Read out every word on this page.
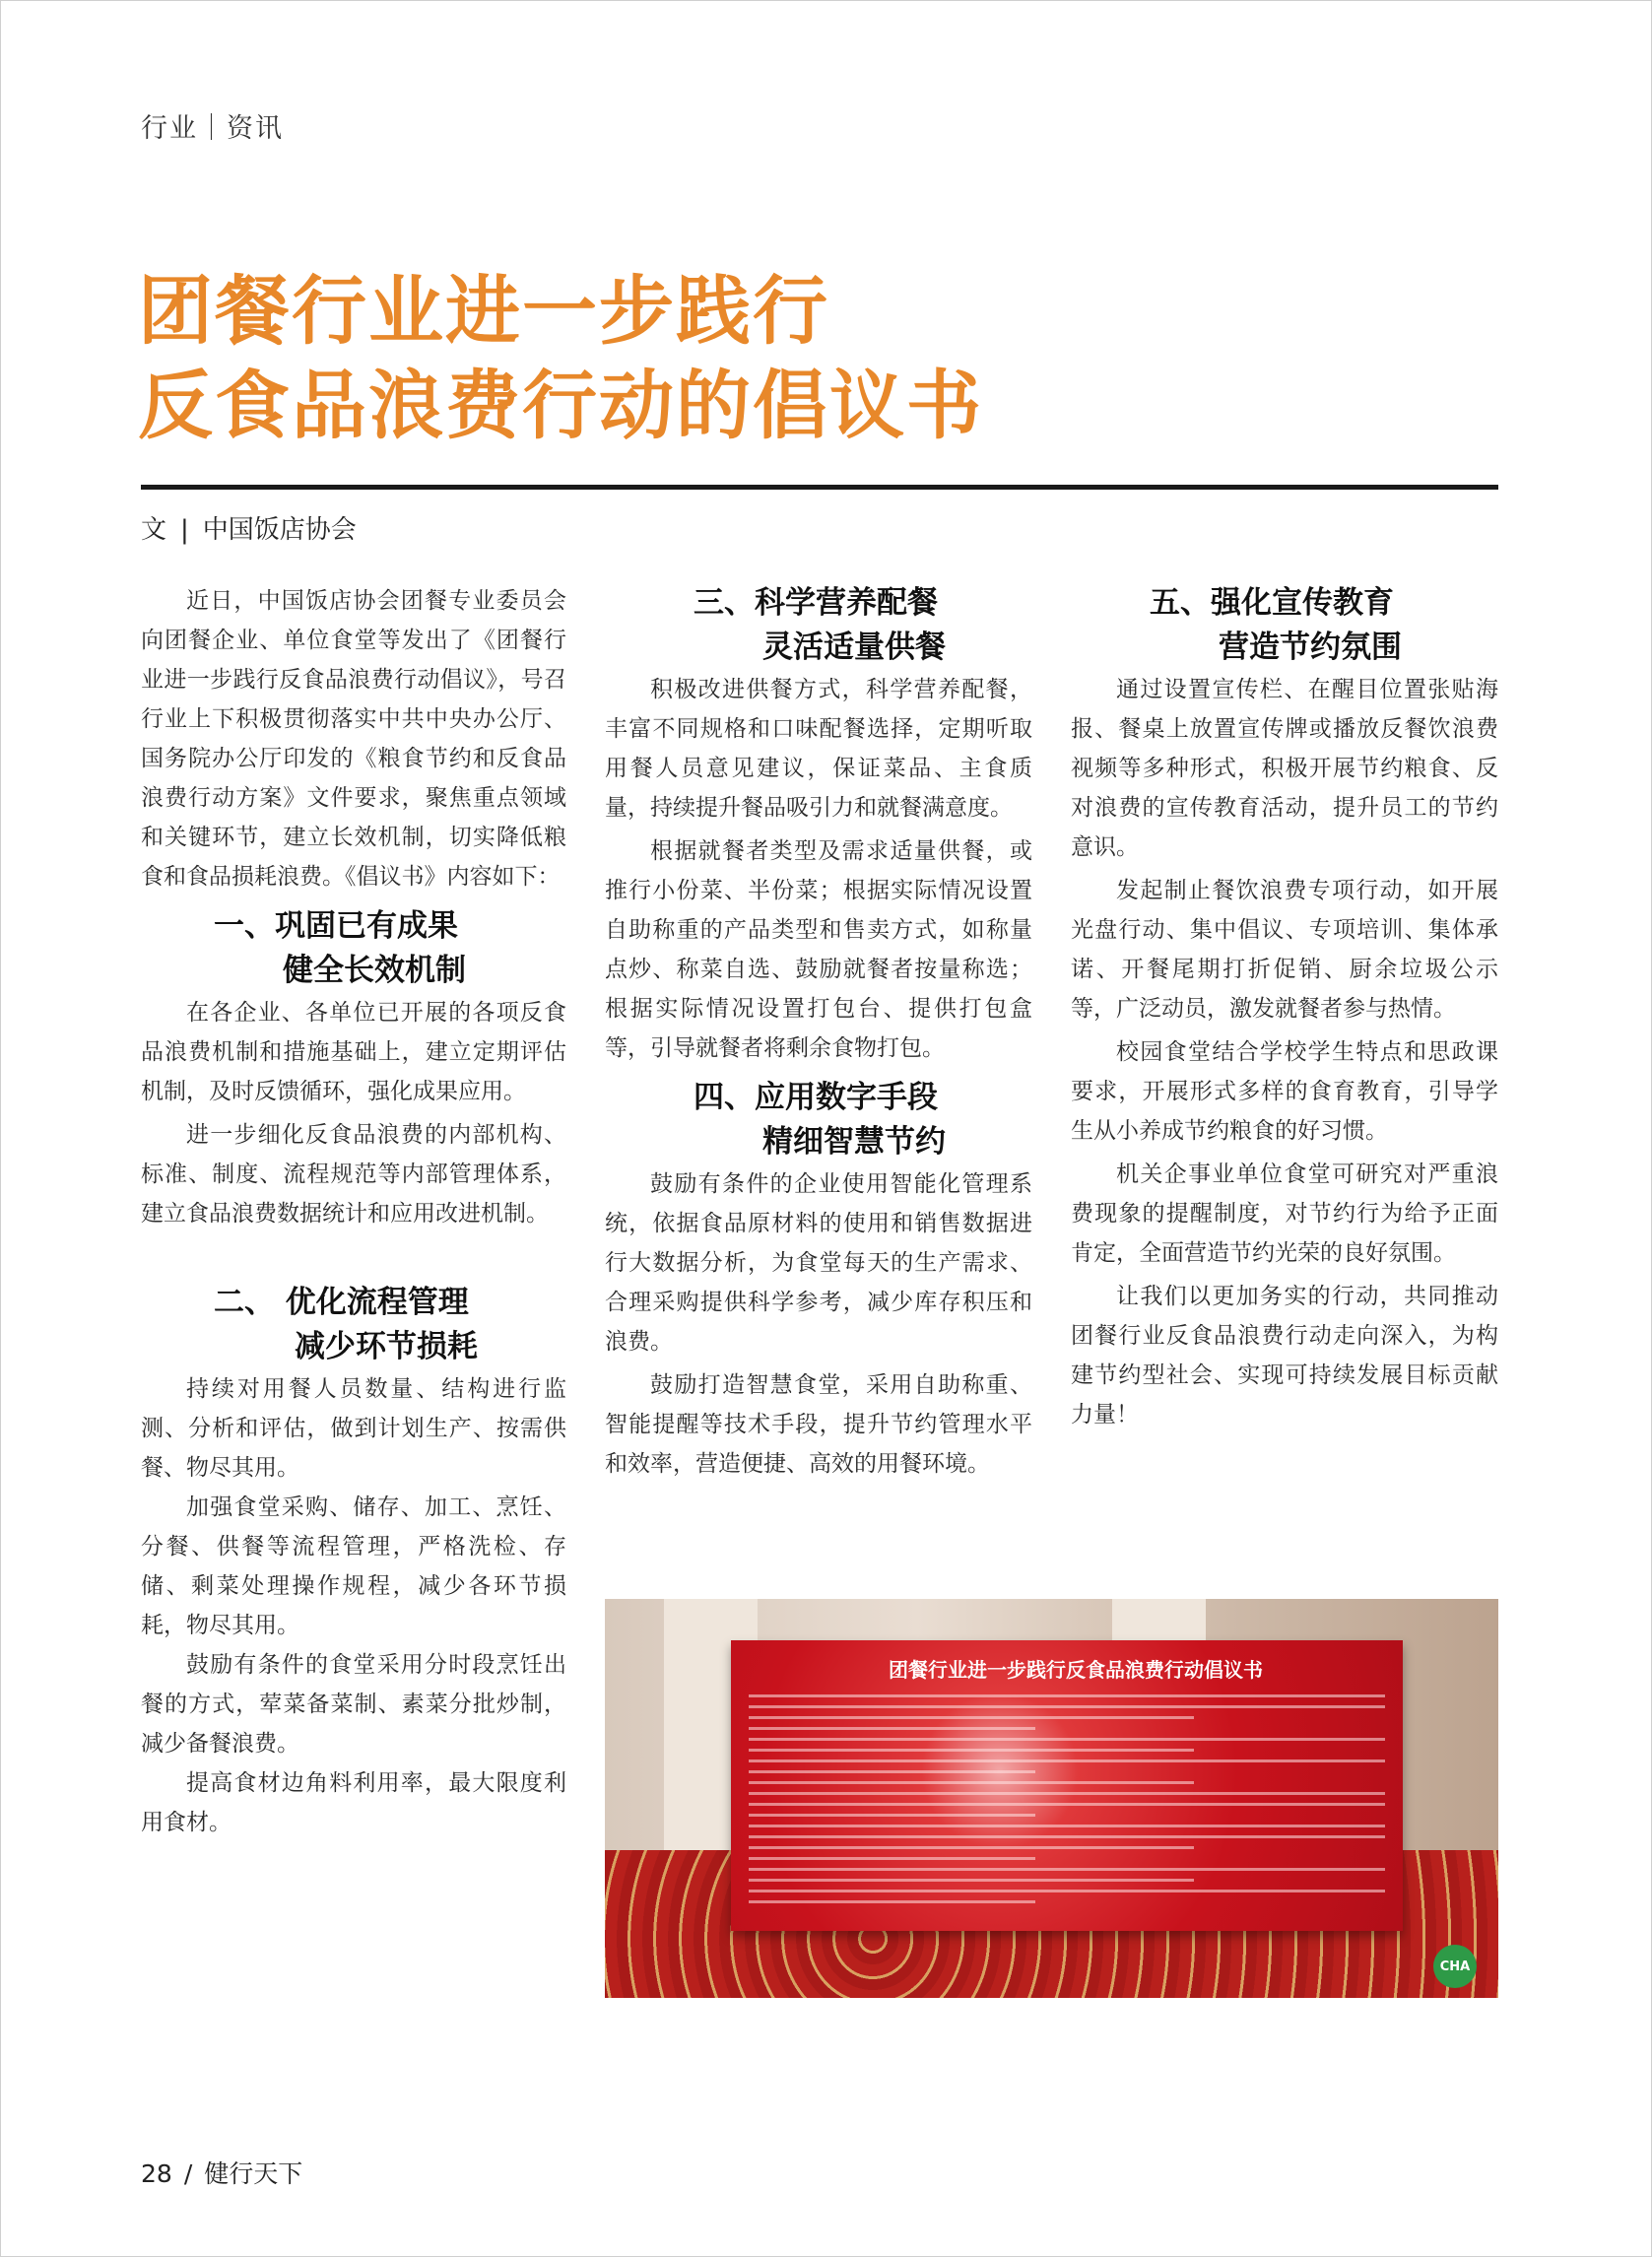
行业｜资讯
团餐行业进一步践行
反食品浪费行动的倡议书
文 | 中国饭店协会

近日，中国饭店协会团餐专业委员会向团餐企业、单位食堂等发出了《团餐行业进一步践行反食品浪费行动倡议》，号召行业上下积极贯彻落实中共中央办公厅、国务院办公厅印发的《粮食节约和反食品浪费行动方案》文件要求，聚焦重点领域和关键环节，建立长效机制，切实降低粮食和食品损耗浪费。《倡议书》内容如下：

一、巩固已有成果
健全长效机制

在各企业、各单位已开展的各项反食品浪费机制和措施基础上，建立定期评估机制，及时反馈循环，强化成果应用。

进一步细化反食品浪费的内部机构、标准、制度、流程规范等内部管理体系，建立食品浪费数据统计和应用改进机制。

二、 优化流程管理
减少环节损耗

持续对用餐人员数量、结构进行监测、分析和评估，做到计划生产、按需供餐、物尽其用。

加强食堂采购、储存、加工、烹饪、分餐、供餐等流程管理，严格洗检、存储、剩菜处理操作规程，减少各环节损耗，物尽其用。

鼓励有条件的食堂采用分时段烹饪出餐的方式，荤菜备菜制、素菜分批炒制，减少备餐浪费。

提高食材边角料利用率，最大限度利用食材。

三、科学营养配餐
灵活适量供餐

积极改进供餐方式，科学营养配餐，丰富不同规格和口味配餐选择，定期听取用餐人员意见建议，保证菜品、主食质量，持续提升餐品吸引力和就餐满意度。

根据就餐者类型及需求适量供餐，或推行小份菜、半份菜；根据实际情况设置自助称重的产品类型和售卖方式，如称量点炒、称菜自选、鼓励就餐者按量称选；根据实际情况设置打包台、提供打包盒等，引导就餐者将剩余食物打包。

四、应用数字手段
精细智慧节约

鼓励有条件的企业使用智能化管理系统，依据食品原材料的使用和销售数据进行大数据分析，为食堂每天的生产需求、合理采购提供科学参考，减少库存积压和浪费。

鼓励打造智慧食堂，采用自助称重、智能提醒等技术手段，提升节约管理水平和效率，营造便捷、高效的用餐环境。

五、强化宣传教育
营造节约氛围

通过设置宣传栏、在醒目位置张贴海报、餐桌上放置宣传牌或播放反餐饮浪费视频等多种形式，积极开展节约粮食、反对浪费的宣传教育活动，提升员工的节约意识。

发起制止餐饮浪费专项行动，如开展光盘行动、集中倡议、专项培训、集体承诺、开餐尾期打折促销、厨余垃圾公示等，广泛动员，激发就餐者参与热情。

校园食堂结合学校学生特点和思政课要求，开展形式多样的食育教育，引导学生从小养成节约粮食的好习惯。

机关企事业单位食堂可研究对严重浪费现象的提醒制度，对节约行为给予正面肯定，全面营造节约光荣的良好氛围。

让我们以更加务实的行动，共同推动团餐行业反食品浪费行动走向深入，为构建节约型社会、实现可持续发展目标贡献力量！

团餐行业进一步践行反食品浪费行动倡议书
CHA
28 / 健行天下
